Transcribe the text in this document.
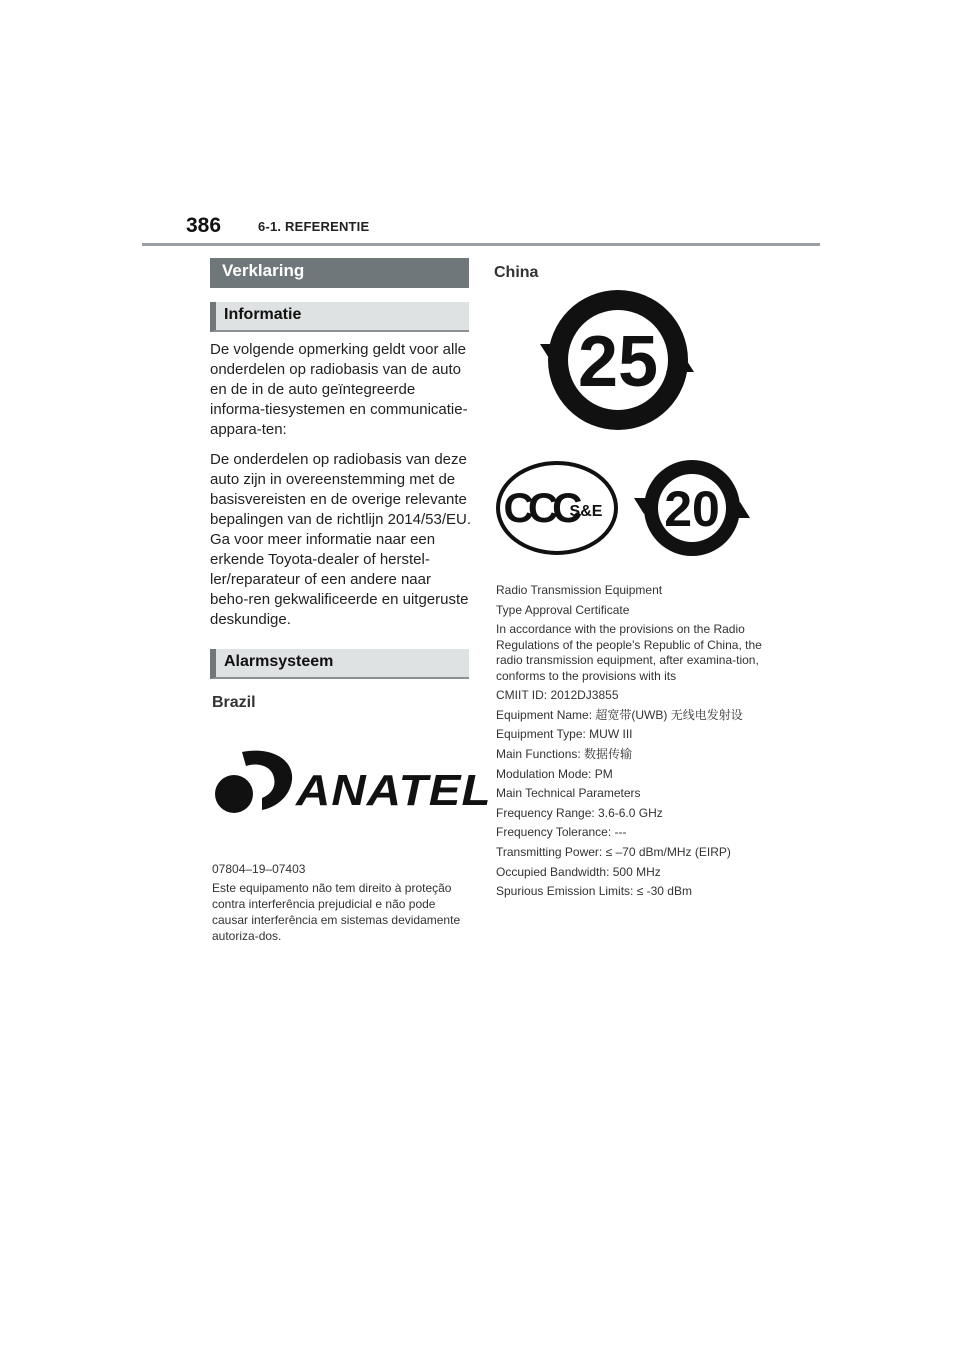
386	6-1. REFERENTIE
Verklaring
Informatie

De volgende opmerking geldt voor alle onderdelen op radiobasis van de auto en de in de auto geïntegreerde informa-tiesystemen en communicatie-appara-ten:

De onderdelen op radiobasis van deze auto zijn in overeenstemming met de basisvereisten en de overige relevante bepalingen van de richtlijn 2014/53/EU. Ga voor meer informatie naar een erkende Toyota-dealer of herstel-ler/reparateur of een andere naar beho-ren gekwalificeerde en uitgeruste deskundige.

Alarmsysteem
Brazil
ANATEL
07804–19–07403
Este equipamento não tem direito à proteção contra interferência prejudicial e não pode causar interferência em sistemas devidamente autoriza-dos.
China
25
CCC
S&E 20
Radio Transmission Equipment
Type Approval Certificate
In accordance with the provisions on the Radio Regulations of the people's Republic of China, the radio transmission equipment, after examina-tion, conforms to the provisions with its
CMIIT ID: 2012DJ3855
Equipment Name: 超宽带(UWB) 无线电发射设
Equipment Type: MUW III
Main Functions: 数据传输
Modulation Mode: PM
Main Technical Parameters
Frequency Range: 3.6-6.0 GHz
Frequency Tolerance: ---
Transmitting Power: ≤ –70 dBm/MHz (EIRP)
Occupied Bandwidth: 500 MHz
Spurious Emission Limits: ≤ -30 dBm
